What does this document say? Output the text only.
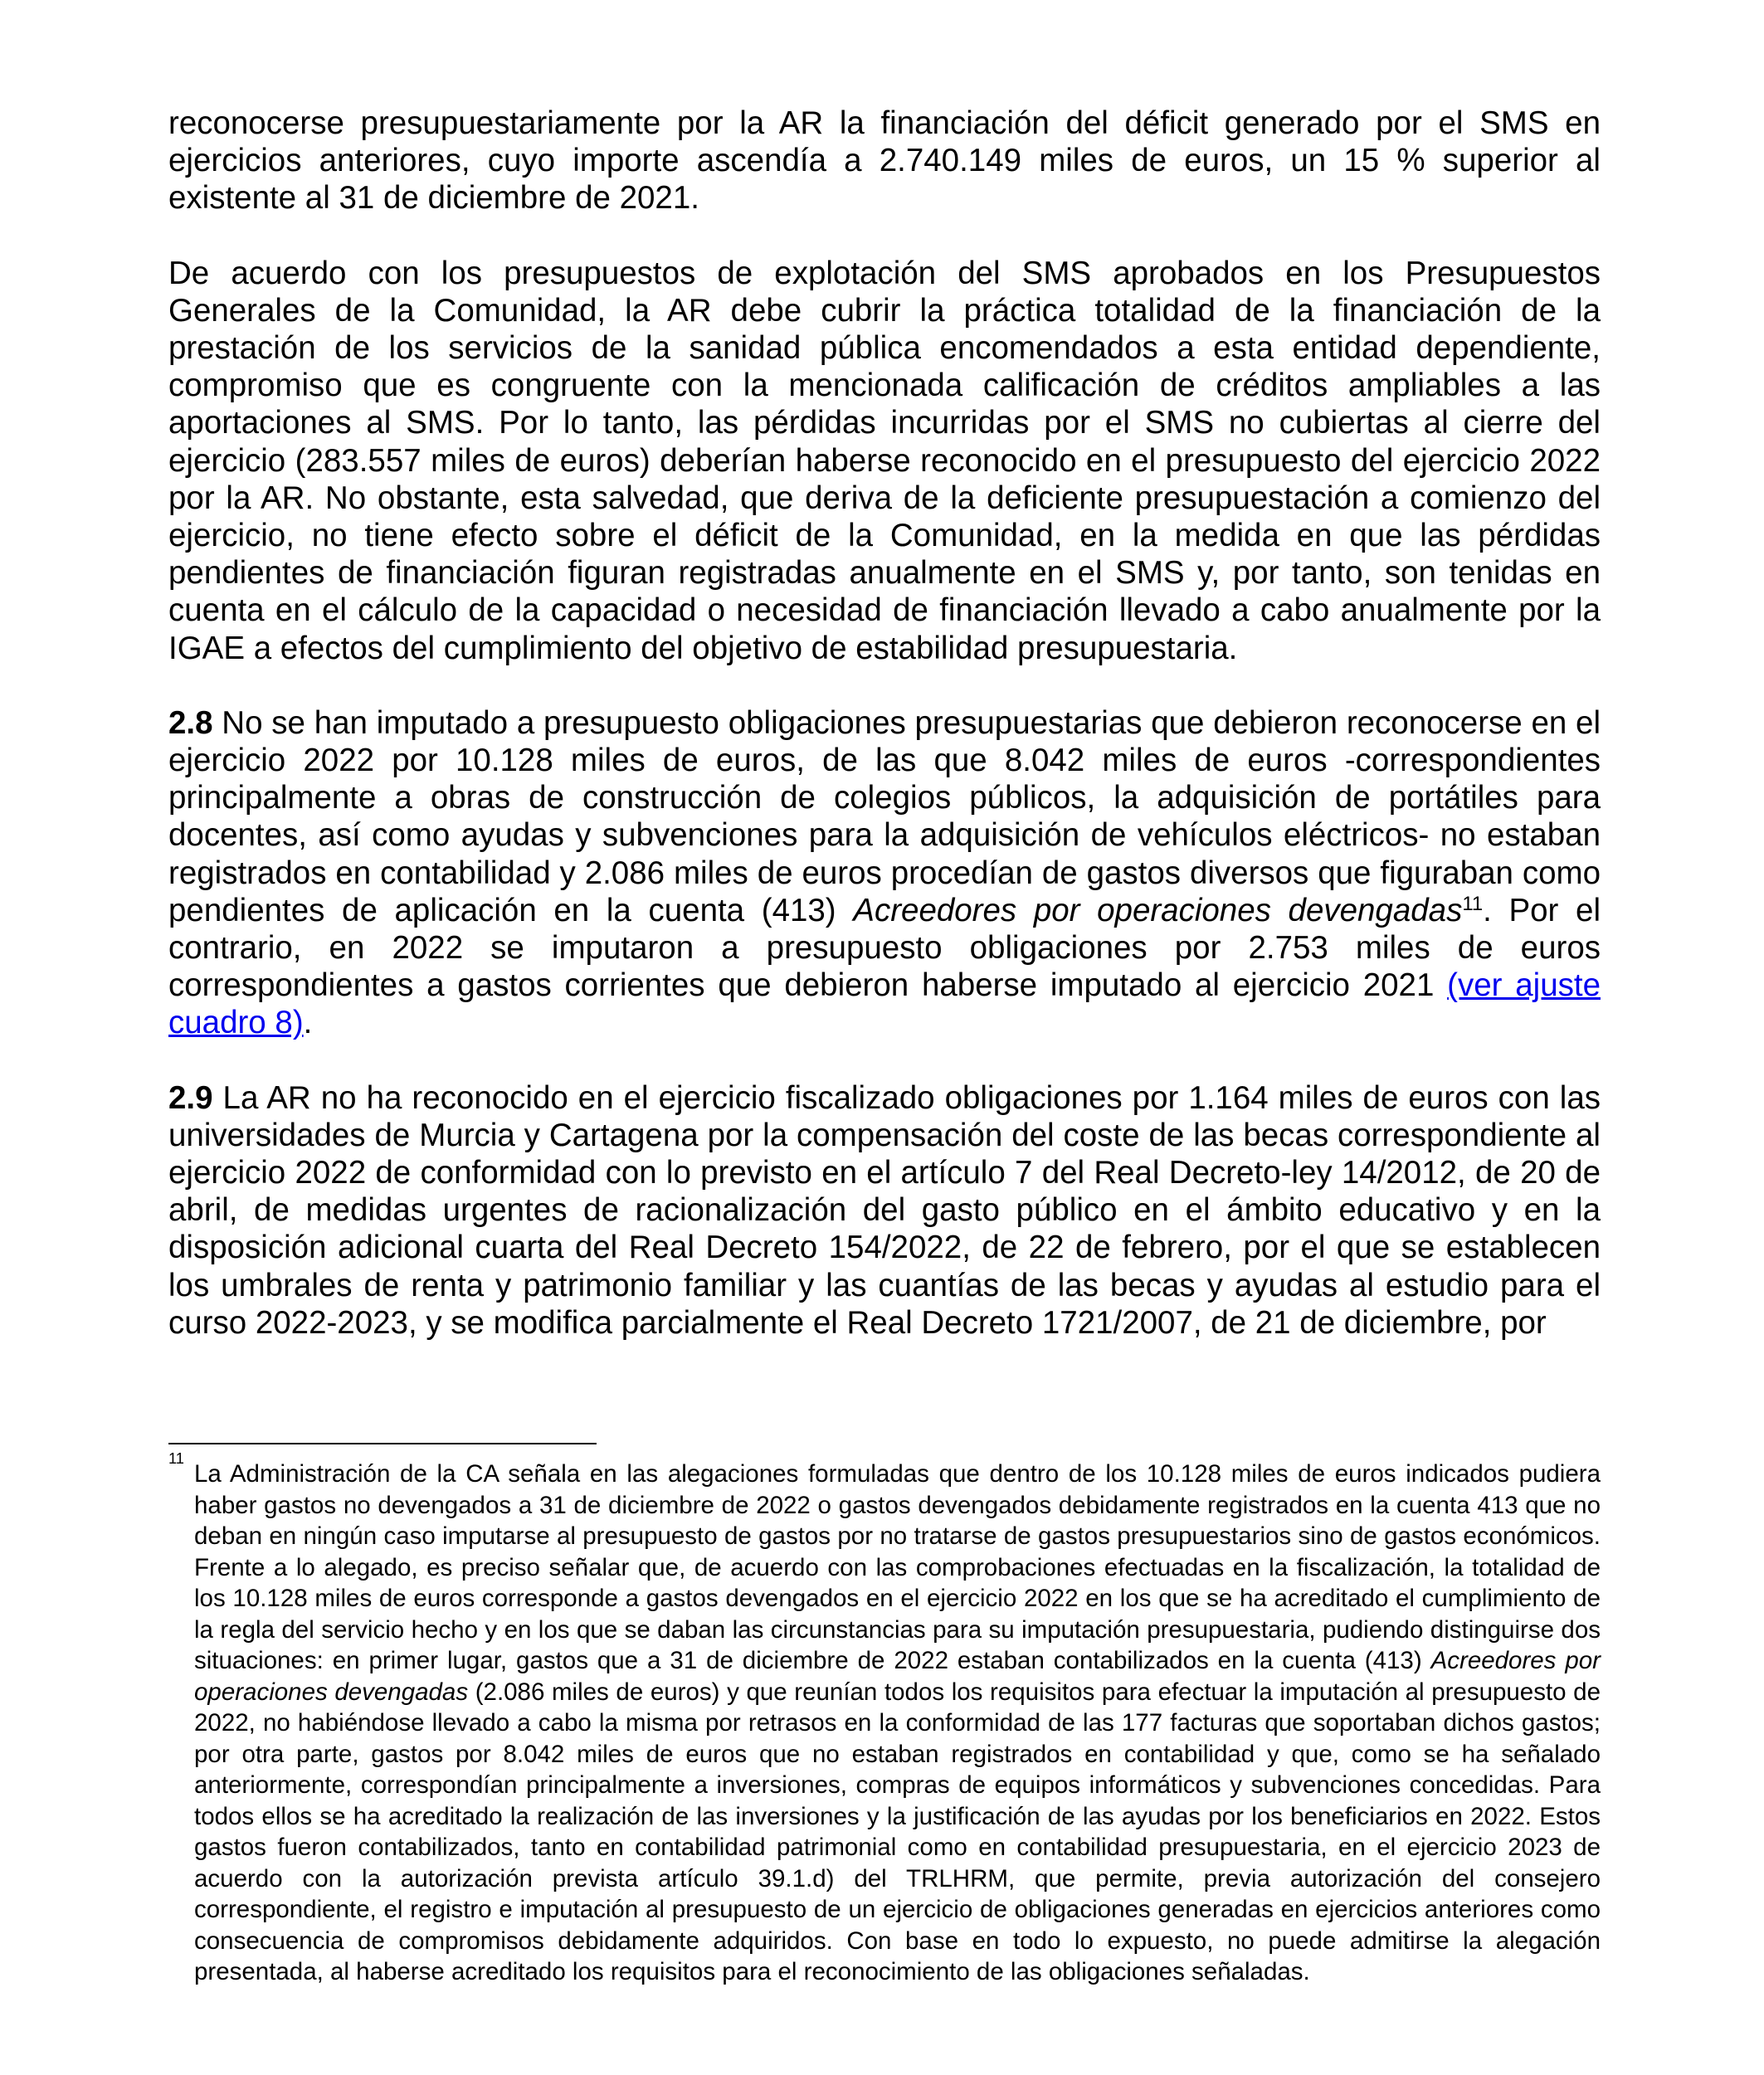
reconocerse presupuestariamente por la AR la financiación del déficit generado por el SMS en ejercicios anteriores, cuyo importe ascendía a 2.740.149 miles de euros, un 15 % superior al existente al 31 de diciembre de 2021.

De acuerdo con los presupuestos de explotación del SMS aprobados en los Presupuestos Generales de la Comunidad, la AR debe cubrir la práctica totalidad de la financiación de la prestación de los servicios de la sanidad pública encomendados a esta entidad dependiente, compromiso que es congruente con la mencionada calificación de créditos ampliables a las aportaciones al SMS. Por lo tanto, las pérdidas incurridas por el SMS no cubiertas al cierre del ejercicio (283.557 miles de euros) deberían haberse reconocido en el presupuesto del ejercicio 2022 por la AR. No obstante, esta salvedad, que deriva de la deficiente presupuestación a comienzo del ejercicio, no tiene efecto sobre el déficit de la Comunidad, en la medida en que las pérdidas pendientes de financiación figuran registradas anualmente en el SMS y, por tanto, son tenidas en cuenta en el cálculo de la capacidad o necesidad de financiación llevado a cabo anualmente por la IGAE a efectos del cumplimiento del objetivo de estabilidad presupuestaria.

2.8 No se han imputado a presupuesto obligaciones presupuestarias que debieron reconocerse en el ejercicio 2022 por 10.128 miles de euros, de las que 8.042 miles de euros -correspondientes principalmente a obras de construcción de colegios públicos, la adquisición de portátiles para docentes, así como ayudas y subvenciones para la adquisición de vehículos eléctricos- no estaban registrados en contabilidad y 2.086 miles de euros procedían de gastos diversos que figuraban como pendientes de aplicación en la cuenta (413) Acreedores por operaciones devengadas$^{11}$. Por el contrario, en 2022 se imputaron a presupuesto obligaciones por 2.753 miles de euros correspondientes a gastos corrientes que debieron haberse imputado al ejercicio 2021 (ver ajuste cuadro 8).

2.9 La AR no ha reconocido en el ejercicio fiscalizado obligaciones por 1.164 miles de euros con las universidades de Murcia y Cartagena por la compensación del coste de las becas correspondiente al ejercicio 2022 de conformidad con lo previsto en el artículo 7 del Real Decreto-ley 14/2012, de 20 de abril, de medidas urgentes de racionalización del gasto público en el ámbito educativo y en la disposición adicional cuarta del Real Decreto 154/2022, de 22 de febrero, por el que se establecen los umbrales de renta y patrimonio familiar y las cuantías de las becas y ayudas al estudio para el curso 2022-2023, y se modifica parcialmente el Real Decreto 1721/2007, de 21 de diciembre, por

11
La Administración de la CA señala en las alegaciones formuladas que dentro de los 10.128 miles de euros indicados pudiera haber gastos no devengados a 31 de diciembre de 2022 o gastos devengados debidamente registrados en la cuenta 413 que no deban en ningún caso imputarse al presupuesto de gastos por no tratarse de gastos presupuestarios sino de gastos económicos. Frente a lo alegado, es preciso señalar que, de acuerdo con las comprobaciones efectuadas en la fiscalización, la totalidad de los 10.128 miles de euros corresponde a gastos devengados en el ejercicio 2022 en los que se ha acreditado el cumplimiento de la regla del servicio hecho y en los que se daban las circunstancias para su imputación presupuestaria, pudiendo distinguirse dos situaciones: en primer lugar, gastos que a 31 de diciembre de 2022 estaban contabilizados en la cuenta (413) Acreedores por operaciones devengadas (2.086 miles de euros) y que reunían todos los requisitos para efectuar la imputación al presupuesto de 2022, no habiéndose llevado a cabo la misma por retrasos en la conformidad de las 177 facturas que soportaban dichos gastos; por otra parte, gastos por 8.042 miles de euros que no estaban registrados en contabilidad y que, como se ha señalado anteriormente, correspondían principalmente a inversiones, compras de equipos informáticos y subvenciones concedidas. Para todos ellos se ha acreditado la realización de las inversiones y la justificación de las ayudas por los beneficiarios en 2022. Estos gastos fueron contabilizados, tanto en contabilidad patrimonial como en contabilidad presupuestaria, en el ejercicio 2023 de acuerdo con la autorización prevista artículo 39.1.d) del TRLHRM, que permite, previa autorización del consejero correspondiente, el registro e imputación al presupuesto de un ejercicio de obligaciones generadas en ejercicios anteriores como consecuencia de compromisos debidamente adquiridos. Con base en todo lo expuesto, no puede admitirse la alegación presentada, al haberse acreditado los requisitos para el reconocimiento de las obligaciones señaladas.
